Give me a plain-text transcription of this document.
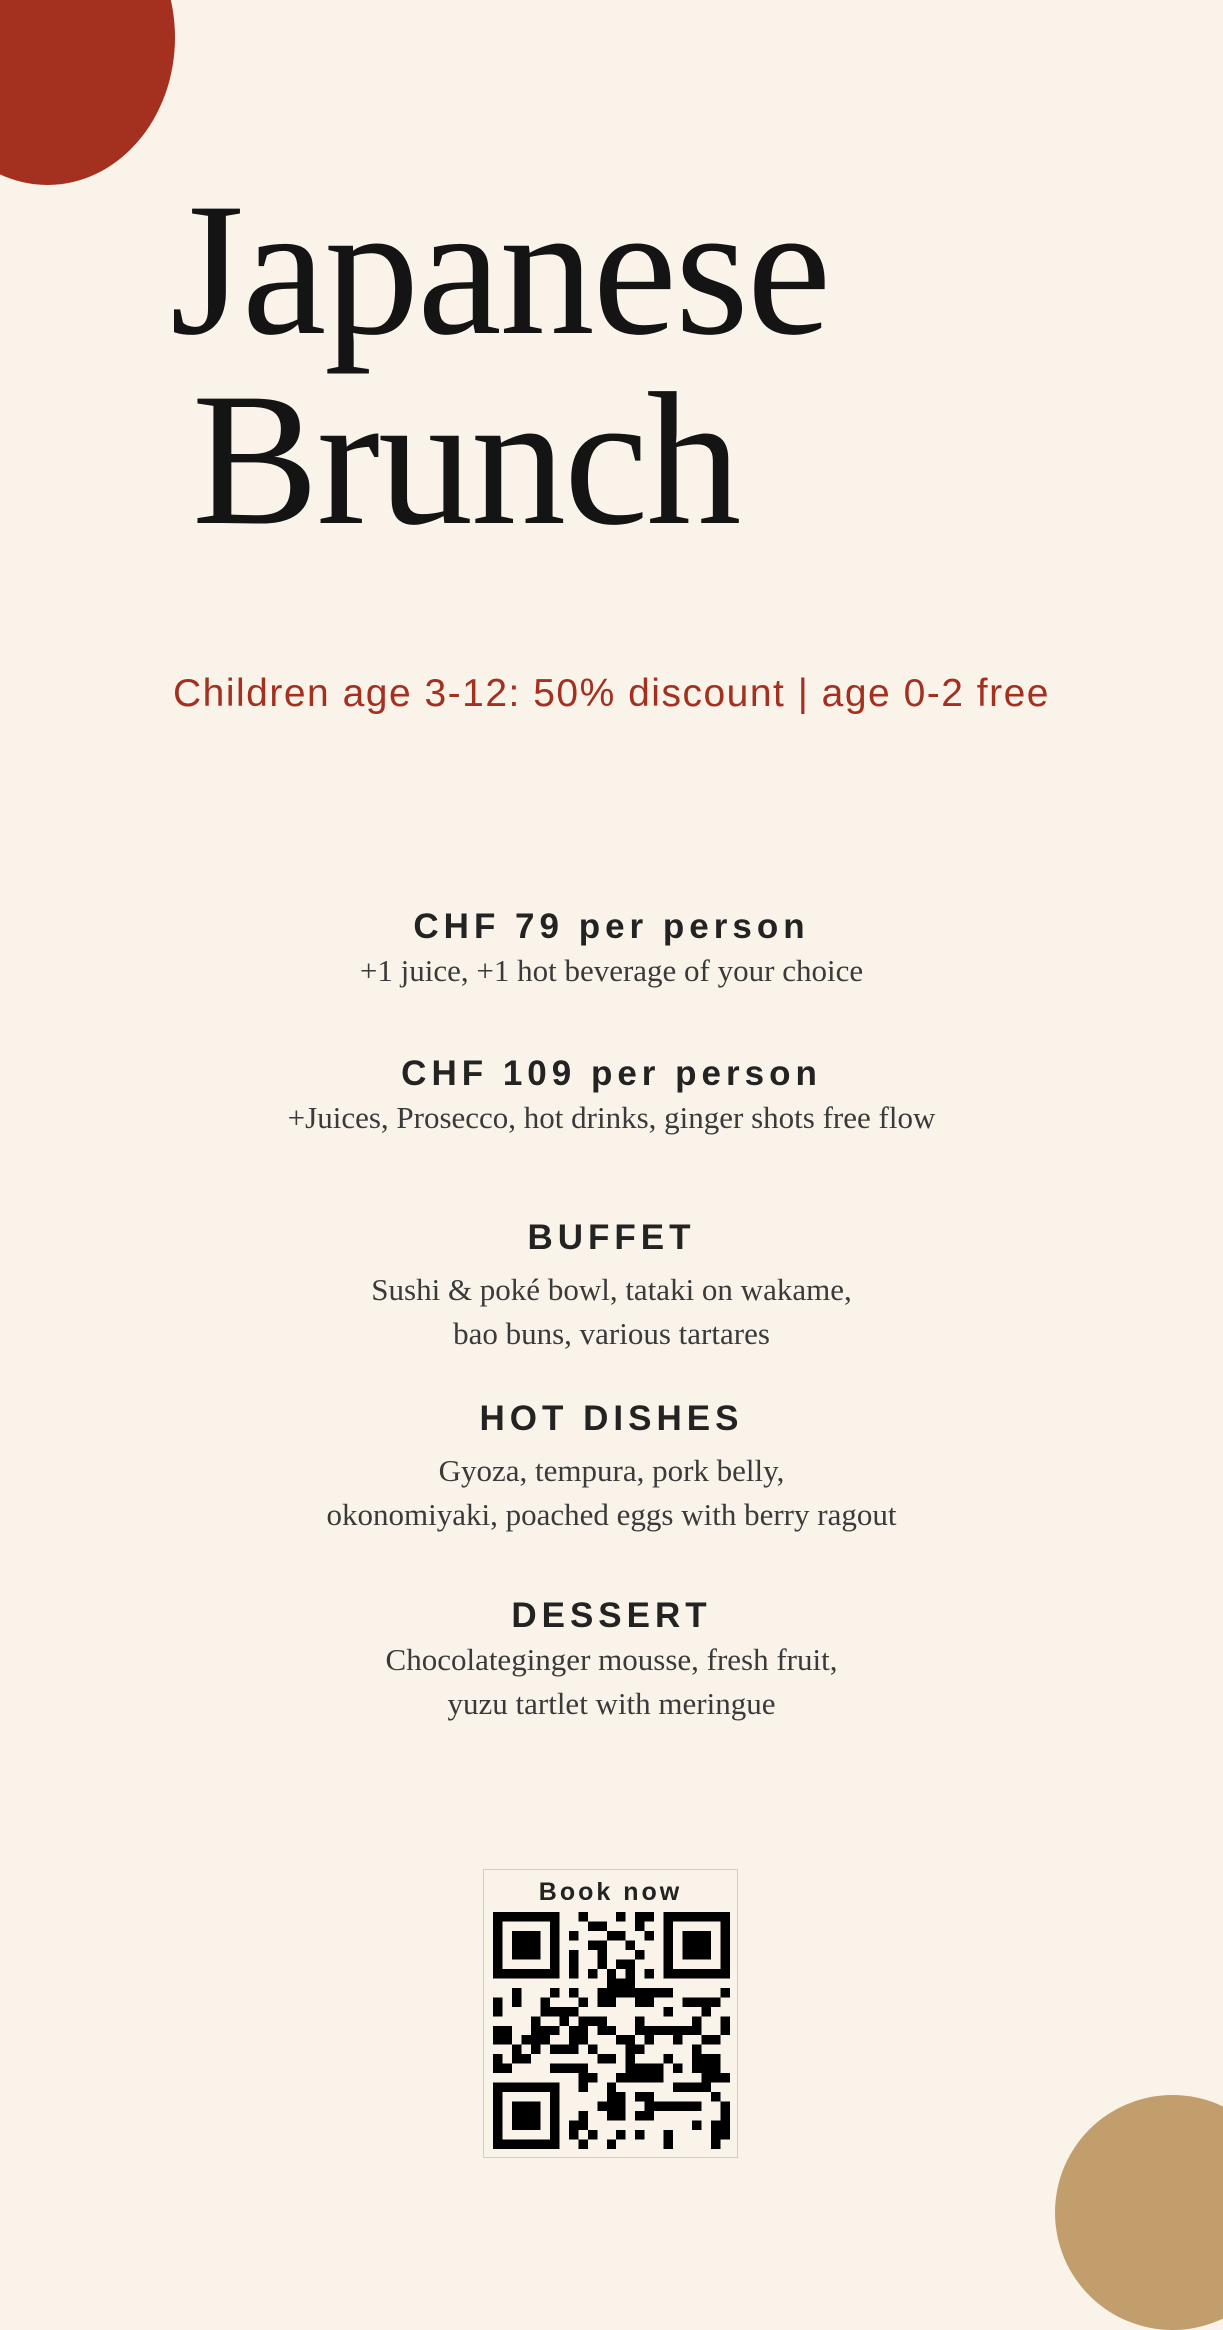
Japanese
Brunch
Children age 3-12: 50% discount | age 0-2 free
CHF 79 per person
+1 juice, +1 hot beverage of your choice
CHF 109 per person
+Juices, Prosecco, hot drinks, ginger shots free flow
BUFFET
Sushi & poké bowl, tataki on wakame,
bao buns, various tartares
HOT DISHES
Gyoza, tempura, pork belly,
okonomiyaki, poached eggs with berry ragout
DESSERT
Chocolateginger mousse, fresh fruit,
yuzu tartlet with meringue
Book now
